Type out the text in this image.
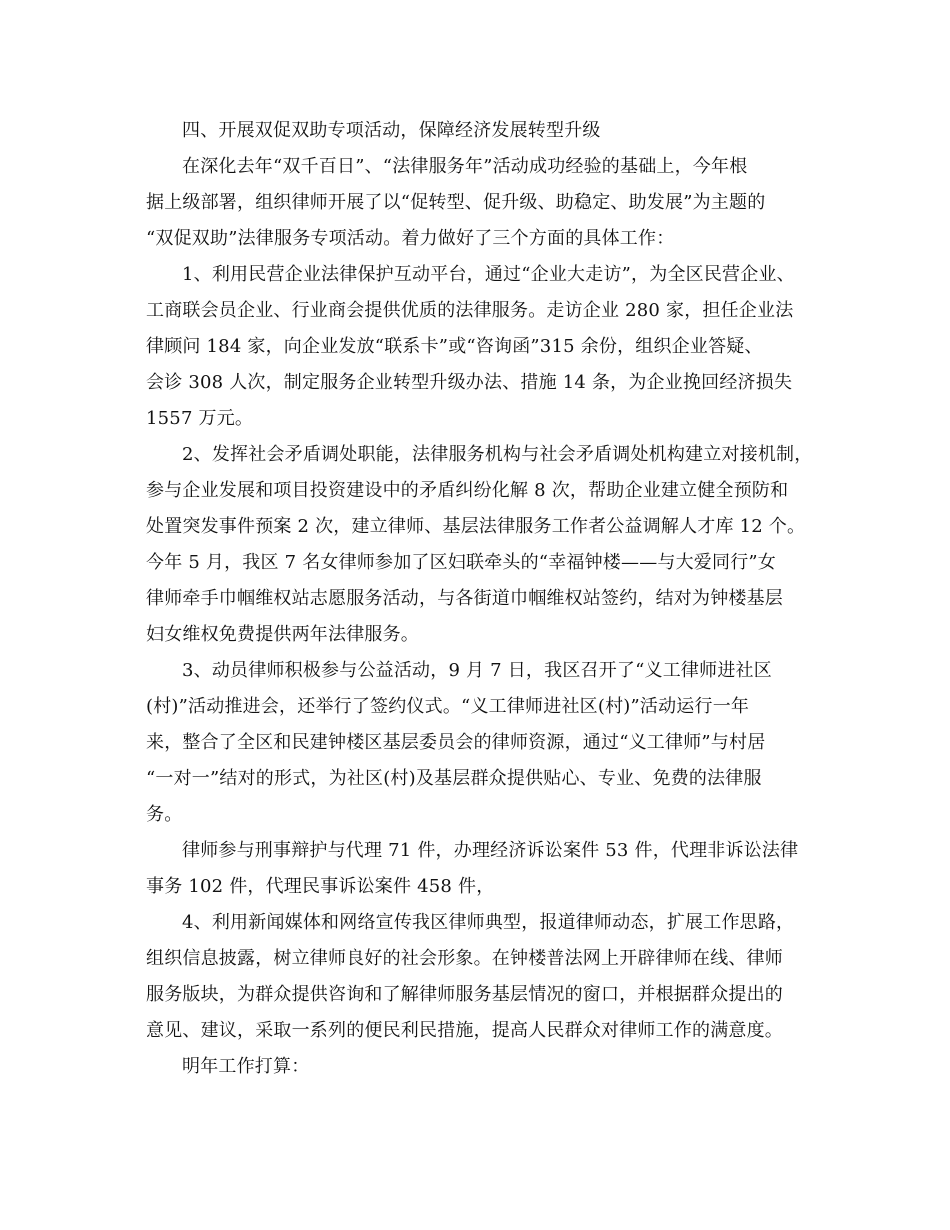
四、开展双促双助专项活动，保障经济发展转型升级
在深化去年“双千百日”、“法律服务年”活动成功经验的基础上，今年根
据上级部署，组织律师开展了以“促转型、促升级、助稳定、助发展”为主题的
“双促双助”法律服务专项活动。着力做好了三个方面的具体工作：
1、利用民营企业法律保护互动平台，通过“企业大走访”，为全区民营企业、
工商联会员企业、行业商会提供优质的法律服务。走访企业 280 家，担任企业法
律顾问 184 家，向企业发放“联系卡”或“咨询函”315 余份，组织企业答疑、
会诊 308 人次，制定服务企业转型升级办法、措施 14 条，为企业挽回经济损失
1557 万元。
2、发挥社会矛盾调处职能，法律服务机构与社会矛盾调处机构建立对接机制，
参与企业发展和项目投资建设中的矛盾纠纷化解 8 次，帮助企业建立健全预防和
处置突发事件预案 2 次，建立律师、基层法律服务工作者公益调解人才库 12 个。
今年 5 月，我区 7 名女律师参加了区妇联牵头的“幸福钟楼——与大爱同行”女
律师牵手巾帼维权站志愿服务活动，与各街道巾帼维权站签约，结对为钟楼基层
妇女维权免费提供两年法律服务。
3、动员律师积极参与公益活动，9 月 7 日，我区召开了“义工律师进社区
(村)”活动推进会，还举行了签约仪式。“义工律师进社区(村)”活动运行一年
来，整合了全区和民建钟楼区基层委员会的律师资源，通过“义工律师”与村居
“一对一”结对的形式，为社区(村)及基层群众提供贴心、专业、免费的法律服
务。
律师参与刑事辩护与代理 71 件，办理经济诉讼案件 53 件，代理非诉讼法律
事务 102 件，代理民事诉讼案件 458 件，
4、利用新闻媒体和网络宣传我区律师典型，报道律师动态，扩展工作思路，
组织信息披露，树立律师良好的社会形象。在钟楼普法网上开辟律师在线、律师
服务版块，为群众提供咨询和了解律师服务基层情况的窗口，并根据群众提出的
意见、建议，采取一系列的便民利民措施，提高人民群众对律师工作的满意度。
明年工作打算：
